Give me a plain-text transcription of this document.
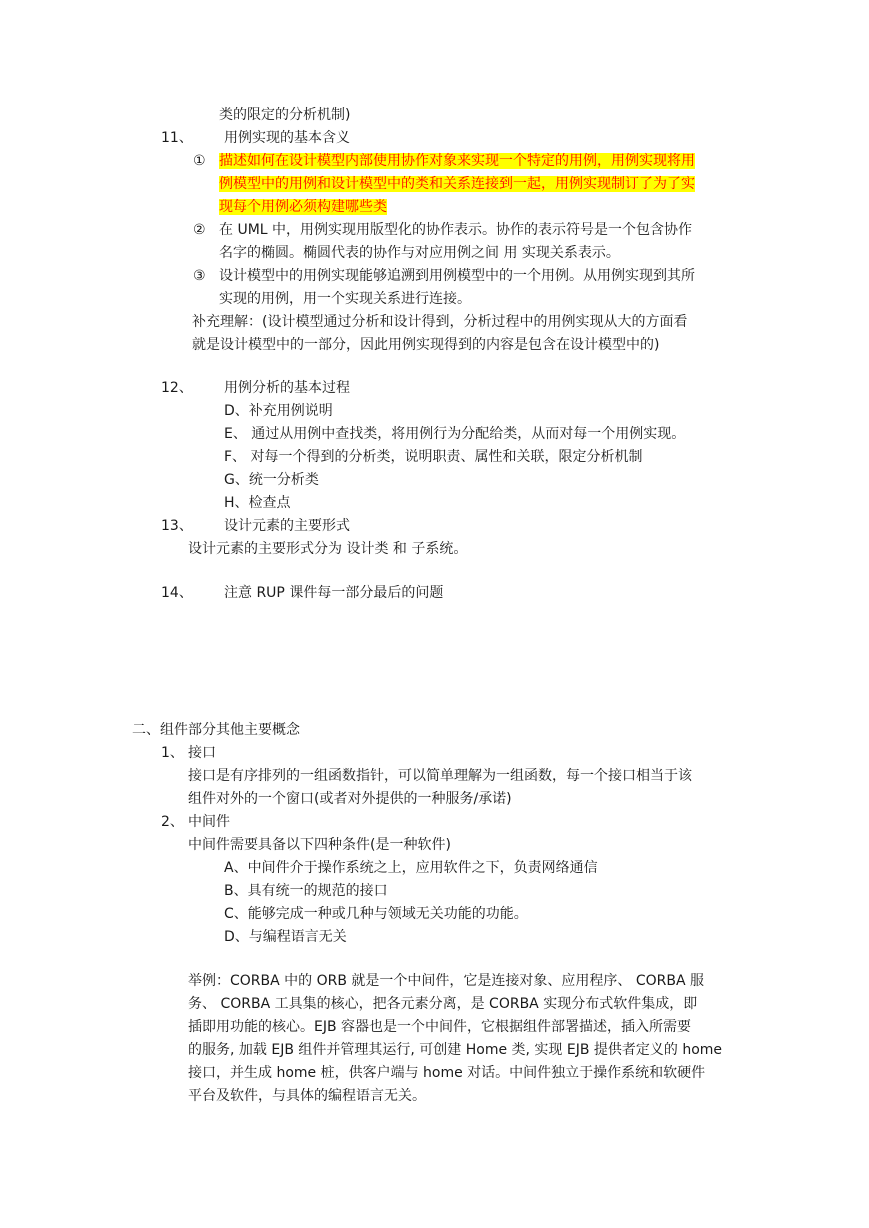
类的限定的分析机制)
11、 用例实现的基本含义
① 描述如何在设计模型内部使用协作对象来实现一个特定的用例，用例实现将用
例模型中的用例和设计模型中的类和关系连接到一起，用例实现制订了为了实
现每个用例必须构建哪些类
② 在 UML 中，用例实现用版型化的协作表示。协作的表示符号是一个包含协作
名字的椭圆。椭圆代表的协作与对应用例之间 用 实现关系表示。
③ 设计模型中的用例实现能够追溯到用例模型中的一个用例。从用例实现到其所
实现的用例，用一个实现关系进行连接。
补充理解：(设计模型通过分析和设计得到，分析过程中的用例实现从大的方面看
就是设计模型中的一部分，因此用例实现得到的内容是包含在设计模型中的)
12、 用例分析的基本过程
D、补充用例说明
E、 通过从用例中查找类，将用例行为分配给类，从而对每一个用例实现。
F、 对每一个得到的分析类，说明职责、属性和关联，限定分析机制
G、统一分析类
H、检查点
13、 设计元素的主要形式
设计元素的主要形式分为 设计类 和 子系统。
14、 注意 RUP 课件每一部分最后的问题
二、组件部分其他主要概念
1、 接口
接口是有序排列的一组函数指针，可以简单理解为一组函数，每一个接口相当于该
组件对外的一个窗口(或者对外提供的一种服务/承诺)
2、 中间件
中间件需要具备以下四种条件(是一种软件)
A、中间件介于操作系统之上，应用软件之下，负责网络通信
B、具有统一的规范的接口
C、能够完成一种或几种与领域无关功能的功能。
D、与编程语言无关
举例：CORBA 中的 ORB 就是一个中间件，它是连接对象、应用程序、 CORBA 服
务、 CORBA 工具集的核心，把各元素分离，是 CORBA 实现分布式软件集成，即
插即用功能的核心。EJB 容器也是一个中间件，它根据组件部署描述，插入所需要
的服务, 加载 EJB 组件并管理其运行, 可创建 Home 类, 实现 EJB 提供者定义的 home
接口，并生成 home 桩，供客户端与 home 对话。中间件独立于操作系统和软硬件
平台及软件，与具体的编程语言无关。
